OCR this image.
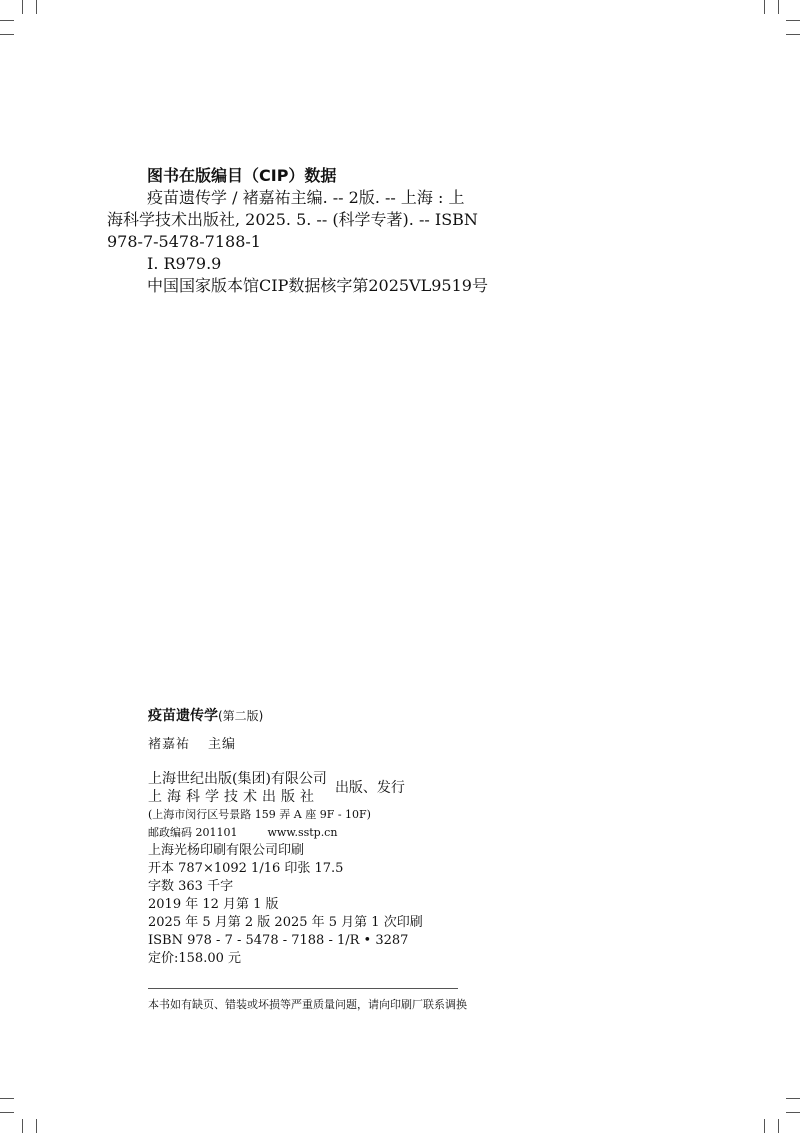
图书在版编目（CIP）数据
疫苗遗传学 / 褚嘉祐主编. -- 2版. -- 上海 : 上
海科学技术出版社, 2025. 5. -- (科学专著). -- ISBN
978-7-5478-7188-1
Ⅰ. R979.9
中国国家版本馆CIP数据核字第2025VL9519号
疫苗遗传学(第二版)
褚嘉祐 主编
上海世纪出版(集团)有限公司
上海科学技术出版社
出版、发行
(上海市闵行区号景路 159 弄 A 座 9F - 10F)
邮政编码 201101	www.sstp.cn
上海光杨印刷有限公司印刷
开本 787×1092 1/16 印张 17.5
字数 363 千字
2019 年 12 月第 1 版
2025 年 5 月第 2 版 2025 年 5 月第 1 次印刷
ISBN 978 - 7 - 5478 - 7188 - 1/R • 3287
定价:158.00 元
本书如有缺页、错装或坏损等严重质量问题，请向印刷厂联系调换
